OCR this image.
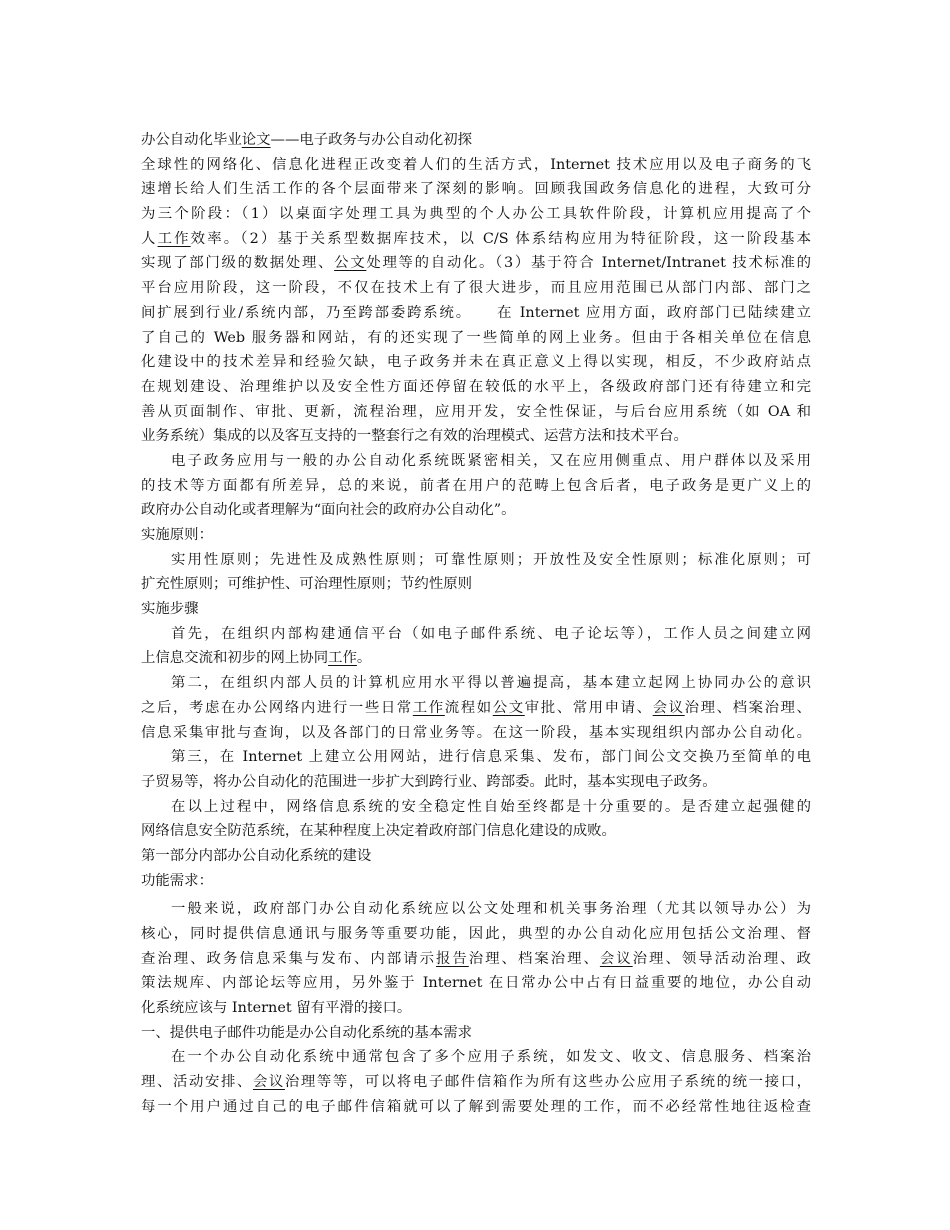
办公自动化毕业论文——电子政务与办公自动化初探
全球性的网络化、信息化进程正改变着人们的生活方式，Internet 技术应用以及电子商务的飞
速增长给人们生活工作的各个层面带来了深刻的影响。回顾我国政务信息化的进程，大致可分
为三个阶段：（1）以桌面字处理工具为典型的个人办公工具软件阶段，计算机应用提高了个
人工作效率。（2）基于关系型数据库技术，以 C/S 体系结构应用为特征阶段，这一阶段基本
实现了部门级的数据处理、公文处理等的自动化。（3）基于符合 Internet/Intranet 技术标准的
平台应用阶段，这一阶段，不仅在技术上有了很大进步，而且应用范围已从部门内部、部门之
间扩展到行业/系统内部，乃至跨部委跨系统。　　在 Internet 应用方面，政府部门已陆续建立
了自己的 Web 服务器和网站，有的还实现了一些简单的网上业务。但由于各相关单位在信息
化建设中的技术差异和经验欠缺，电子政务并未在真正意义上得以实现，相反，不少政府站点
在规划建设、治理维护以及安全性方面还停留在较低的水平上，各级政府部门还有待建立和完
善从页面制作、审批、更新，流程治理，应用开发，安全性保证，与后台应用系统（如 OA 和
业务系统）集成的以及客互支持的一整套行之有效的治理模式、运营方法和技术平台。
电子政务应用与一般的办公自动化系统既紧密相关，又在应用侧重点、用户群体以及采用
的技术等方面都有所差异，总的来说，前者在用户的范畴上包含后者，电子政务是更广义上的
政府办公自动化或者理解为“面向社会的政府办公自动化”。
实施原则：
实用性原则；先进性及成熟性原则；可靠性原则；开放性及安全性原则；标准化原则；可
扩充性原则；可维护性、可治理性原则；节约性原则
实施步骤
首先，在组织内部构建通信平台（如电子邮件系统、电子论坛等），工作人员之间建立网
上信息交流和初步的网上协同工作。
第二，在组织内部人员的计算机应用水平得以普遍提高，基本建立起网上协同办公的意识
之后，考虑在办公网络内进行一些日常工作流程如公文审批、常用申请、会议治理、档案治理、
信息采集审批与查询，以及各部门的日常业务等。在这一阶段，基本实现组织内部办公自动化。
第三，在 Internet 上建立公用网站，进行信息采集、发布，部门间公文交换乃至简单的电
子贸易等，将办公自动化的范围进一步扩大到跨行业、跨部委。此时，基本实现电子政务。
在以上过程中，网络信息系统的安全稳定性自始至终都是十分重要的。是否建立起强健的
网络信息安全防范系统，在某种程度上决定着政府部门信息化建设的成败。
第一部分内部办公自动化系统的建设
功能需求：
一般来说，政府部门办公自动化系统应以公文处理和机关事务治理（尤其以领导办公）为
核心，同时提供信息通讯与服务等重要功能，因此，典型的办公自动化应用包括公文治理、督
查治理、政务信息采集与发布、内部请示报告治理、档案治理、会议治理、领导活动治理、政
策法规库、内部论坛等应用，另外鉴于 Internet 在日常办公中占有日益重要的地位，办公自动
化系统应该与 Internet 留有平滑的接口。
一、提供电子邮件功能是办公自动化系统的基本需求
在一个办公自动化系统中通常包含了多个应用子系统，如发文、收文、信息服务、档案治
理、活动安排、会议治理等等，可以将电子邮件信箱作为所有这些办公应用子系统的统一接口，
每一个用户通过自己的电子邮件信箱就可以了解到需要处理的工作，而不必经常性地往返检查
